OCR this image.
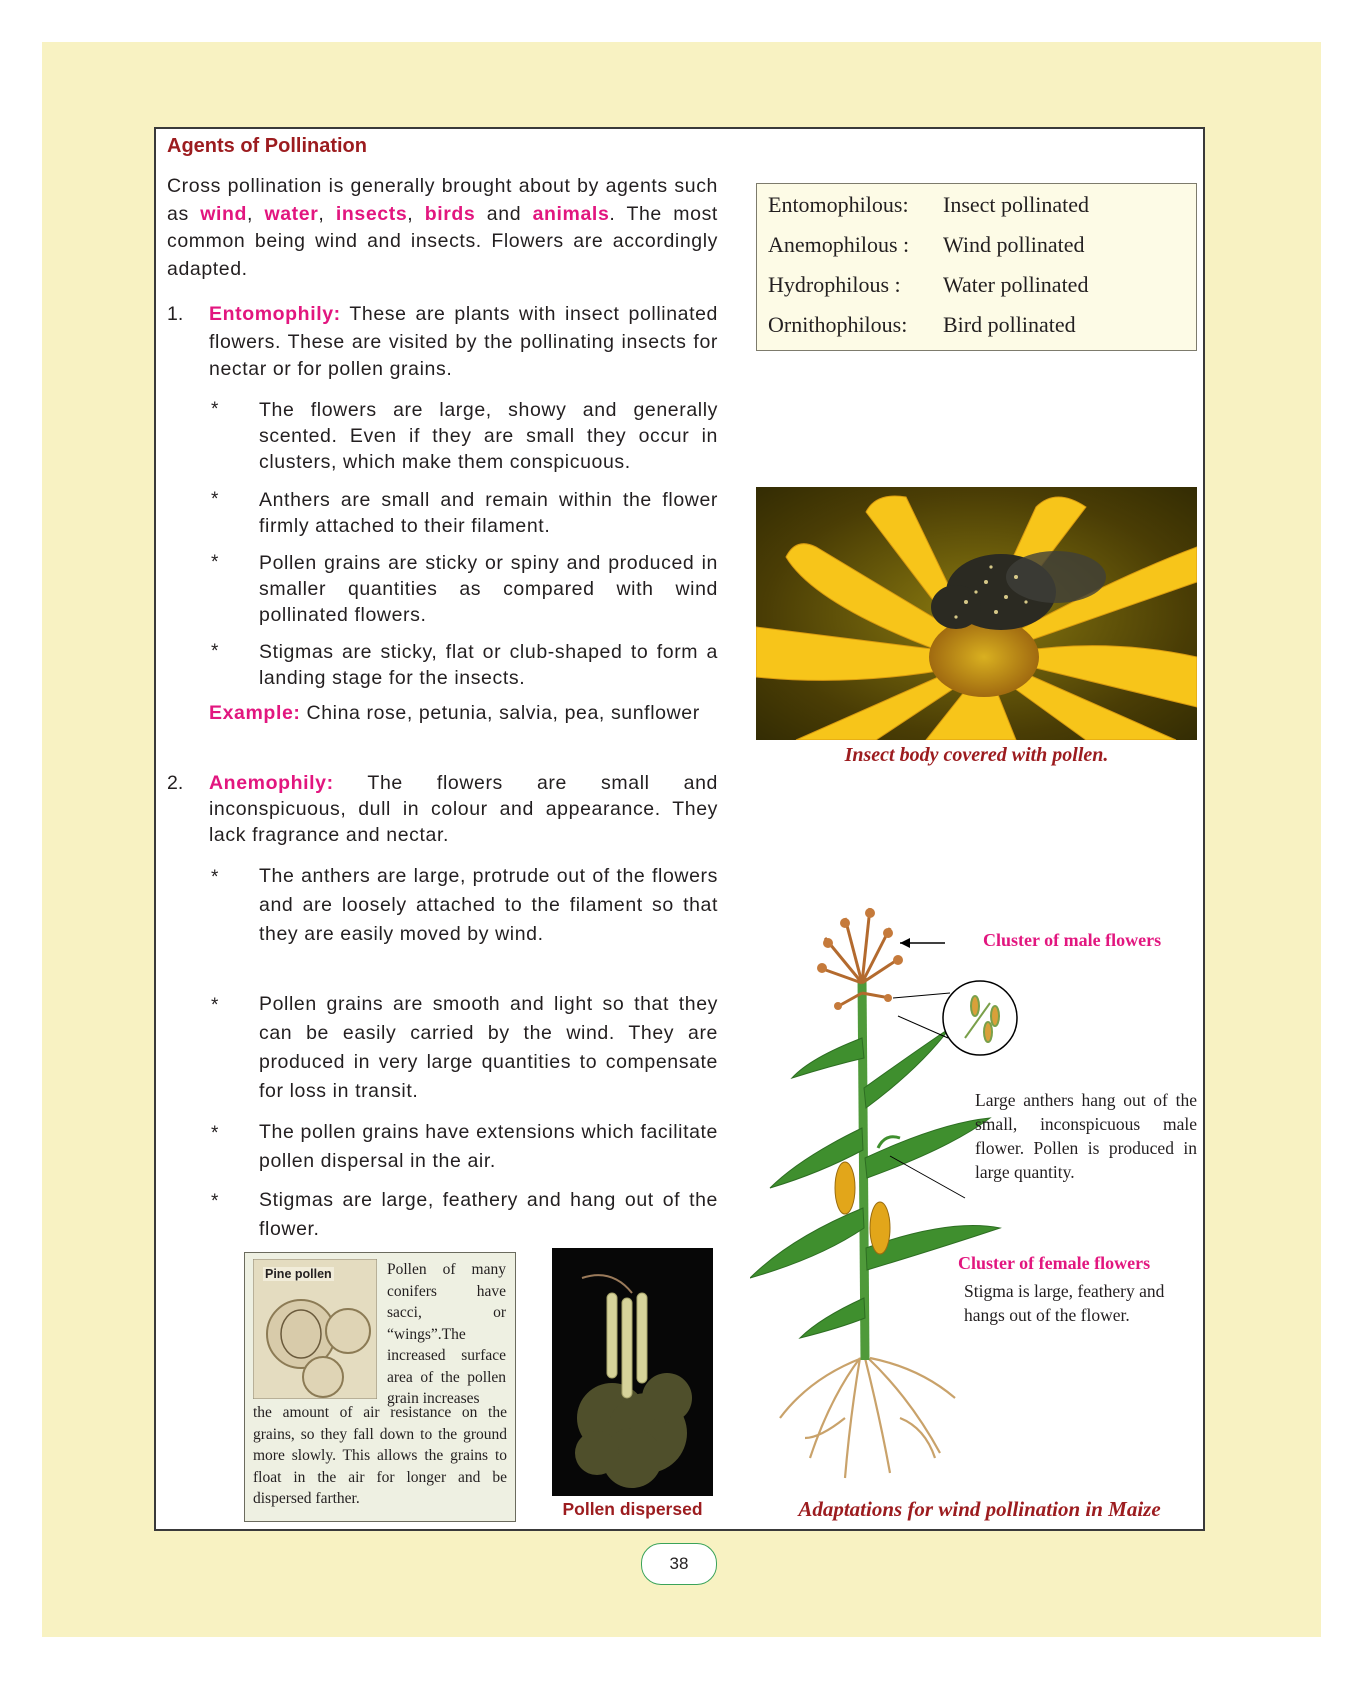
Agents of Pollination

Cross pollination is generally brought about by agents such as wind, water, insects, birds and animals. The most common being wind and insects. Flowers are accordingly adapted.

1. Entomophily: These are plants with insect pollinated flowers. These are visited by the pollinating insects for nectar or for pollen grains.

* The flowers are large, showy and generally scented. Even if they are small they occur in clusters, which make them conspicuous.

* Anthers are small and remain within the flower firmly attached to their filament.

* Pollen grains are sticky or spiny and produced in smaller quantities as compared with wind pollinated flowers.

* Stigmas are sticky, flat or club-shaped to form a landing stage for the insects.

Example: China rose, petunia, salvia, pea, sunflower

2. Anemophily: The flowers are small and inconspicuous, dull in colour and appearance. They lack fragrance and nectar.

* The anthers are large, protrude out of the flowers and are loosely attached to the filament so that they are easily moved by wind.

* Pollen grains are smooth and light so that they can be easily carried by the wind. They are produced in very large quantities to compensate for loss in transit.

* The pollen grains have extensions which facilitate pollen dispersal in the air.

* Stigmas are large, feathery and hang out of the flower.

Entomophilous: Insect pollinated
Anemophilous : Wind pollinated
Hydrophilous : Water pollinated
Ornithophilous: Bird pollinated
Insect body covered with pollen.
Cluster of male flowers
Large anthers hang out of the small, inconspicuous male flower. Pollen is produced in large quantity.
Cluster of female flowers
Stigma is large, feathery and hangs out of the flower.
Adaptations for wind pollination in Maize
Pine pollen	Pollen of many conifers have sacci, or “wings”.The increased surface area of the pollen grain increases
the amount of air resistance on the grains, so they fall down to the ground more slowly. This allows the grains to float in the air for longer and be dispersed farther.
Pollen dispersed
38
